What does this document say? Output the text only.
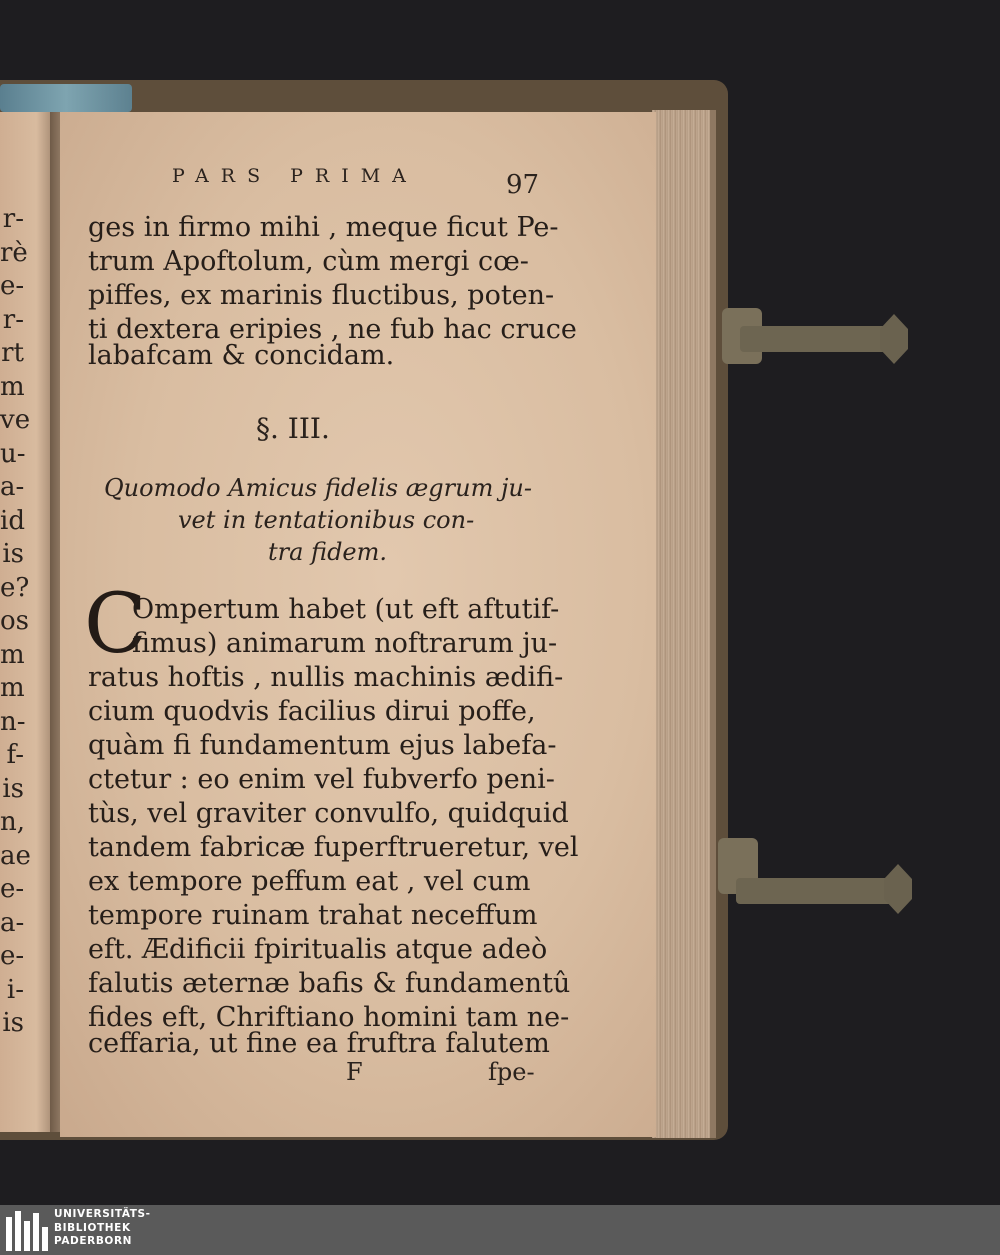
r-
rè
e-
r-
rt
m
ve
u-
a-
id
is
e?
os
m
m
n-
f-
is
n,
ae
e-
a-
e-
i-
is
PARS PRIMA	97
ges in firmo mihi , meque ficut Pe-
trum Apoftolum, cùm mergi cœ-
piffes, ex marinis fluctibus, poten-
ti dextera eripies , ne fub hac cruce
labafcam & concidam.
§. III.
Quomodo Amicus fidelis ægrum ju-
vet in tentationibus con-
tra fidem.
C
Ompertum habet (ut eft aftutif-
fimus) animarum noftrarum ju-
ratus hoftis , nullis machinis ædifi-
cium quodvis facilius dirui poffe,
quàm fi fundamentum ejus labefa-
ctetur : eo enim vel fubverfo peni-
tùs, vel graviter convulfo, quidquid
tandem fabricæ fuperftrueretur, vel
ex tempore peffum eat , vel cum
tempore ruinam trahat neceffum
eft. Ædificii fpiritualis atque adeò
falutis æternæ bafis & fundamentû
fides eft, Chriftiano homini tam ne-
ceffaria, ut fine ea fruftra falutem
F	fpe-
UNIVERSITÄTS-
BIBLIOTHEK
PADERBORN
